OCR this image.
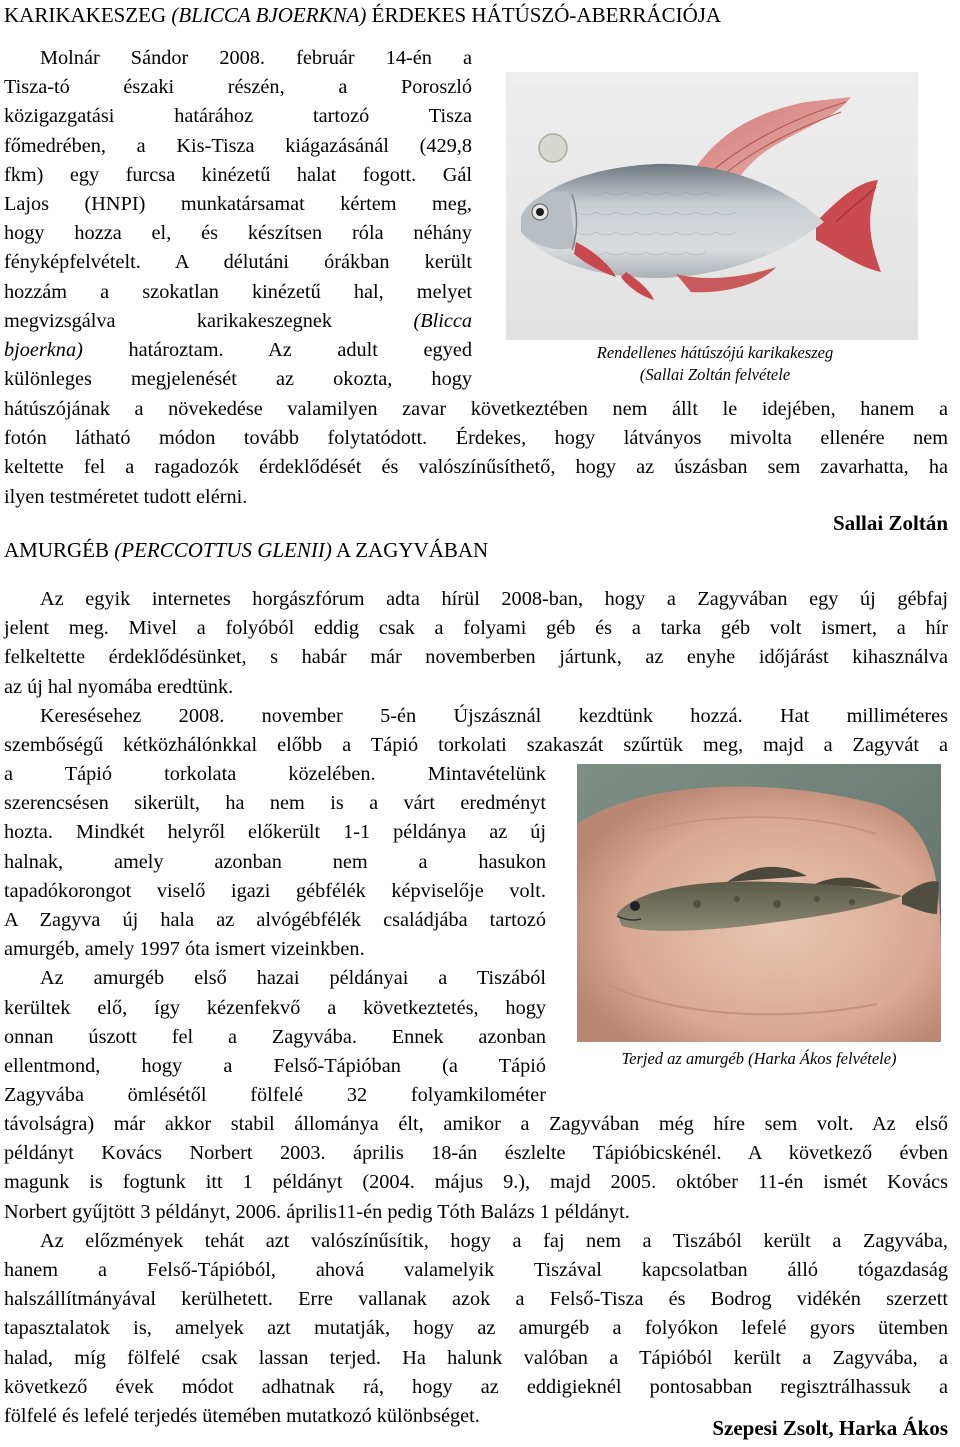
KARIKAKESZEG (BLICCA BJOERKNA) ÉRDEKES HÁTÚSZÓ-ABERRÁCIÓJA
Molnár Sándor 2008. február 14-én a
Tisza-tó északi részén, a Poroszló
közigazgatási határához tartozó Tisza
főmedrében, a Kis-Tisza kiágazásánál (429,8
fkm) egy furcsa kinézetű halat fogott. Gál
Lajos (HNPI) munkatársamat kértem meg,
hogy hozza el, és készítsen róla néhány
fényképfelvételt. A délutáni órákban került
hozzám a szokatlan kinézetű hal, melyet
megvizsgálva karikakeszegnek (Blicca
bjoerkna) határoztam. Az adult egyed
különleges megjelenését az okozta, hogy
Rendellenes hátúszójú karikakeszeg
(Sallai Zoltán felvétele
hátúszójának a növekedése valamilyen zavar következtében nem állt le idejében, hanem a
fotón látható módon tovább folytatódott. Érdekes, hogy látványos mivolta ellenére nem
keltette fel a ragadozók érdeklődését és valószínűsíthető, hogy az úszásban sem zavarhatta, ha
ilyen testméretet tudott elérni.
Sallai Zoltán
AMURGÉB (PERCCOTTUS GLENII) A ZAGYVÁBAN
Az egyik internetes horgászfórum adta hírül 2008-ban, hogy a Zagyvában egy új gébfaj
jelent meg. Mivel a folyóból eddig csak a folyami géb és a tarka géb volt ismert, a hír
felkeltette érdeklődésünket, s habár már novemberben jártunk, az enyhe időjárást kihasználva
az új hal nyomába eredtünk.
Keresésehez 2008. november 5-én Újszásznál kezdtünk hozzá. Hat milliméteres
szembőségű kétközhálónkkal előbb a Tápió torkolati szakaszát szűrtük meg, majd a Zagyvát a
a Tápió torkolata közelében. Mintavételünk
szerencsésen sikerült, ha nem is a várt eredményt
hozta. Mindkét helyről előkerült 1-1 példánya az új
halnak, amely azonban nem a hasukon
tapadókorongot viselő igazi gébfélék képviselője volt.
A Zagyva új hala az alvógébfélék családjába tartozó
amurgéb, amely 1997 óta ismert vizeinkben.
Az amurgéb első hazai példányai a Tiszából
kerültek elő, így kézenfekvő a következtetés, hogy
onnan úszott fel a Zagyvába. Ennek azonban
ellentmond, hogy a Felső-Tápióban (a Tápió
Zagyvába ömlésétől fölfelé 32 folyamkilométer
Terjed az amurgéb (Harka Ákos felvétele)
távolságra) már akkor stabil állománya élt, amikor a Zagyvában még híre sem volt. Az első
példányt Kovács Norbert 2003. április 18-án észlelte Tápióbicskénél. A következő évben
magunk is fogtunk itt 1 példányt (2004. május 9.), majd 2005. október 11-én ismét Kovács
Norbert gyűjtött 3 példányt, 2006. április11-én pedig Tóth Balázs 1 példányt.
Az előzmények tehát azt valószínűsítik, hogy a faj nem a Tiszából került a Zagyvába,
hanem a Felső-Tápióból, ahová valamelyik Tiszával kapcsolatban álló tógazdaság
halszállítmányával kerülhetett. Erre vallanak azok a Felső-Tisza és Bodrog vidékén szerzett
tapasztalatok is, amelyek azt mutatják, hogy az amurgéb a folyókon lefelé gyors ütemben
halad, míg fölfelé csak lassan terjed. Ha halunk valóban a Tápióból került a Zagyvába, a
következő évek módot adhatnak rá, hogy az eddigieknél pontosabban regisztrálhassuk a
fölfelé és lefelé terjedés ütemében mutatkozó különbséget.	Szepesi Zsolt, Harka Ákos
